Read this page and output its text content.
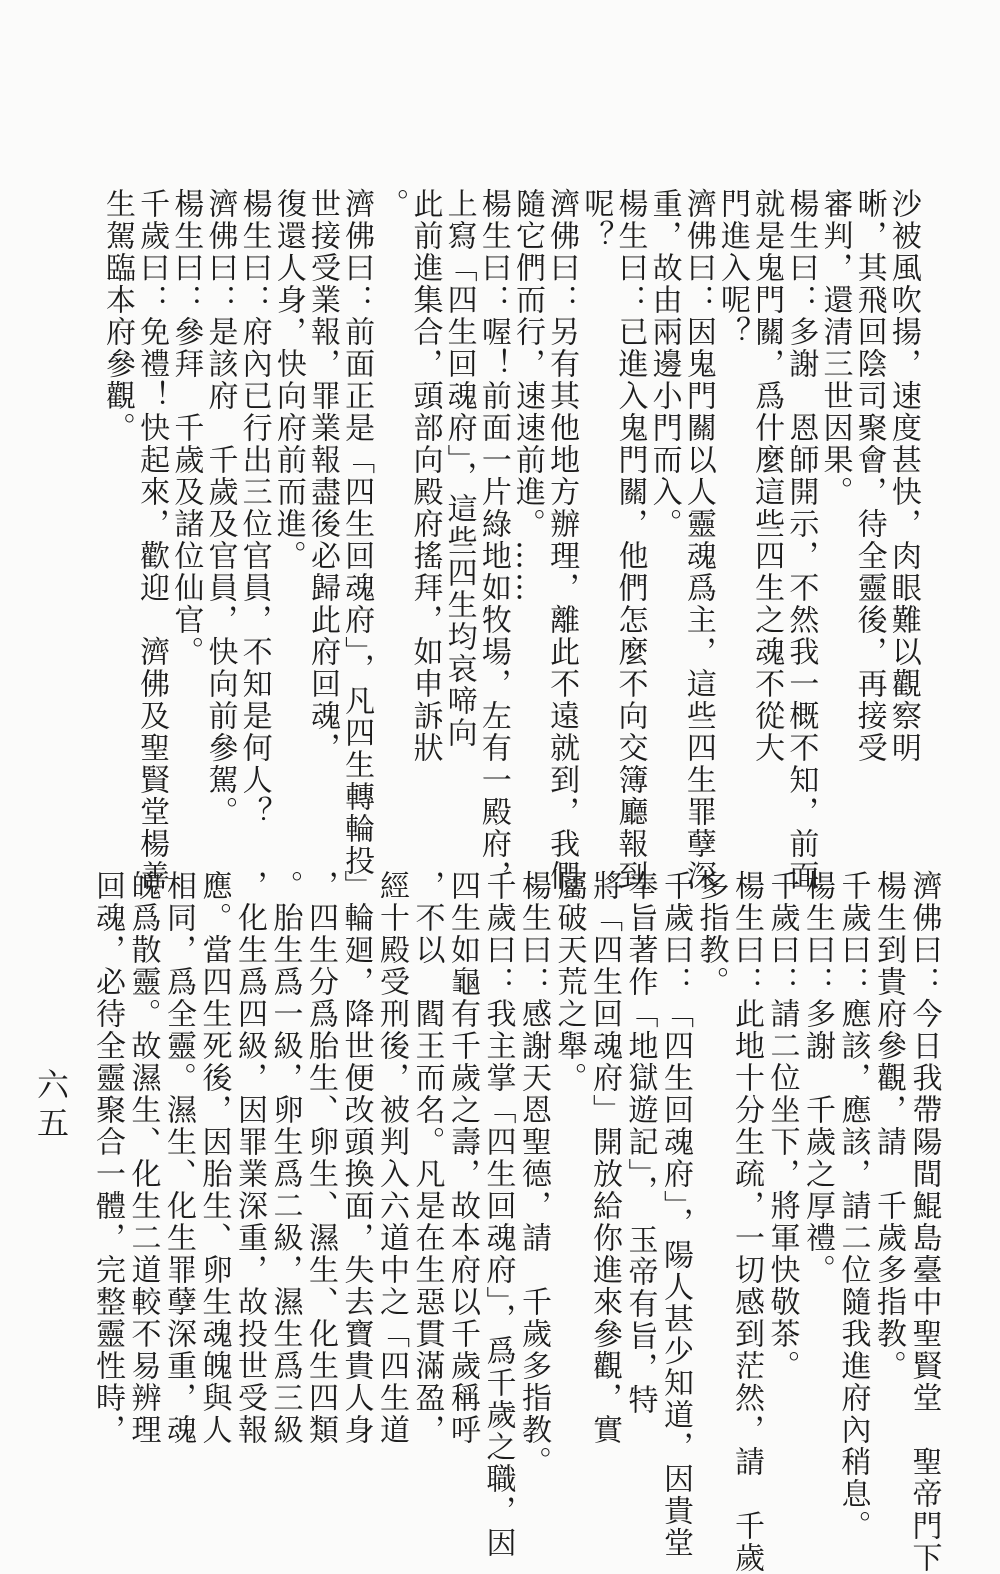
沙被風吹揚，速度甚快，肉眼難以觀察明
晰，其飛回陰司聚會，待全靈後，再接受
審判，還清三世因果。
楊生曰：多謝　恩師開示，不然我一概不知，前面
就是鬼門關，爲什麼這些四生之魂不從大
門進入呢？
濟佛曰：因鬼門關以人靈魂爲主，這些四生罪孽深
重，故由兩邊小門而入。
楊生曰：已進入鬼門關，他們怎麼不向交簿廳報到
呢？
濟佛曰：另有其他地方辦理，離此不遠就到，我們
隨它們而行，速速前進。……
楊生曰：喔！前面一片綠地如牧場，左有一殿府，
上寫「四生回魂府」，這些四生均哀啼向
此前進集合，頭部向殿府搖拜，如申訴狀
。
濟佛曰：前面正是「四生回魂府」，凡四生轉輪投
世接受業報，罪業報盡後必歸此府回魂，
復還人身，快向府前而進。
楊生曰：府內已行出三位官員，不知是何人？
濟佛曰：是該府　千歲及官員，快向前參駕。
楊生曰：參拜　千歲及諸位仙官。
千歲曰：免禮！快起來，歡迎　濟佛及聖賢堂楊善
生駕臨本府參觀。
濟佛曰：今日我帶陽間鯤島臺中聖賢堂　聖帝門下
楊生到貴府參觀，請　千歲多指教。
千歲曰：應該，應該，請二位隨我進府內稍息。
楊生曰：多謝　千歲之厚禮。
千歲曰：請二位坐下，將軍快敬茶。
楊生曰：此地十分生疏，一切感到茫然，請　千歲
多指教。
千歲曰：「四生回魂府」，陽人甚少知道，因貴堂
奉旨著作「地獄遊記」，　玉帝有旨，特
將「四生回魂府」開放給你進來參觀，實
屬破天荒之舉。
楊生曰：感謝天恩聖德，請　千歲多指教。
千歲曰：我主掌「四生回魂府」，爲千歲之職，因
四生如龜有千歲之壽，故本府以千歲稱呼
，不以　閻王而名。凡是在生惡貫滿盈，
經十殿受刑後，被判入六道中之「四生道
」輪廻，降世便改頭換面，失去寶貴人身
，四生分爲胎生、卵生、濕生、化生四類
。胎生爲一級，卵生爲二級，濕生爲三級
，化生爲四級，因罪業深重，故投世受報
應。當四生死後，因胎生、卵生魂魄與人
相同，爲全靈。濕生、化生罪孽深重，魂
魄爲散靈。故濕生、化生二道較不易辨理
回魂，必待全靈聚合一體，完整靈性時，
六五
